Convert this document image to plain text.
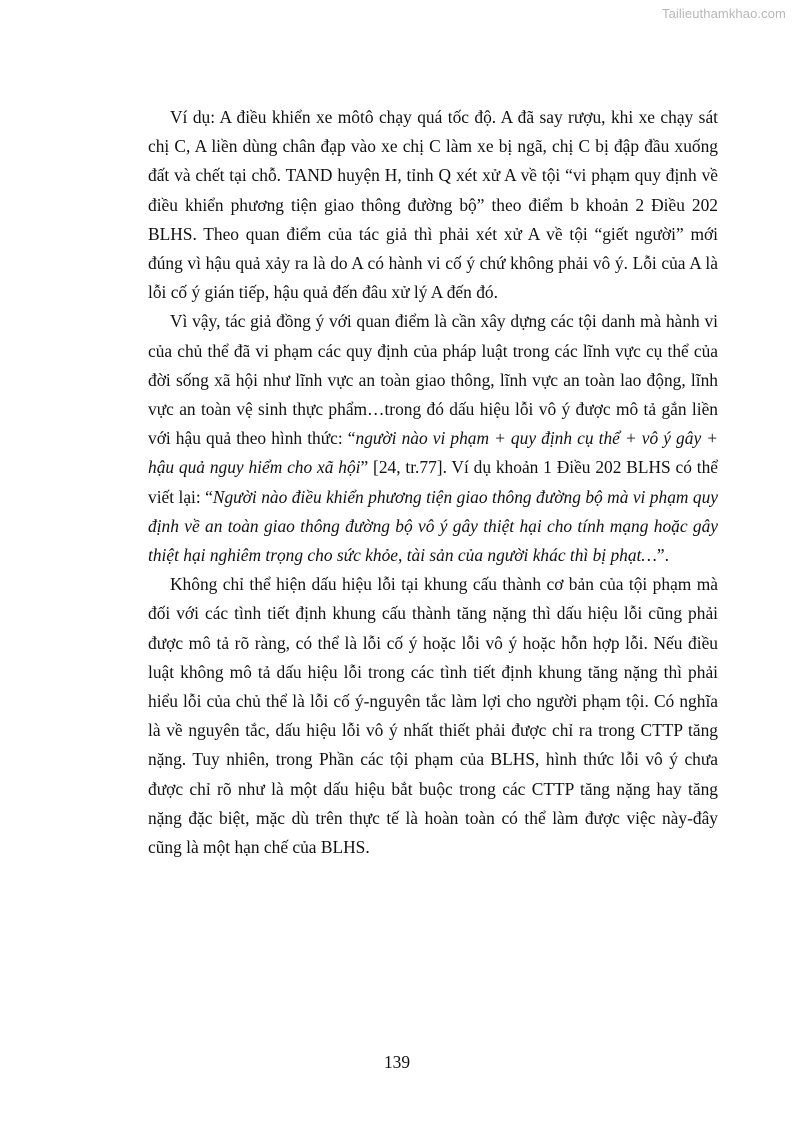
Tailieuthamkhao.com

Ví dụ: A điều khiển xe môtô chạy quá tốc độ. A đã say rượu, khi xe chạy sát chị C, A liền dùng chân đạp vào xe chị C làm xe bị ngã, chị C bị đập đầu xuống đất và chết tại chỗ. TAND huyện H, tỉnh Q xét xử A về tội “vi phạm quy định về điều khiển phương tiện giao thông đường bộ” theo điểm b khoản 2 Điều 202 BLHS. Theo quan điểm của tác giả thì phải xét xử A về tội “giết người” mới đúng vì hậu quả xảy ra là do A có hành vi cố ý chứ không phải vô ý. Lỗi của A là lỗi cố ý gián tiếp, hậu quả đến đâu xử lý A đến đó.

Vì vậy, tác giả đồng ý với quan điểm là cần xây dựng các tội danh mà hành vi của chủ thể đã vi phạm các quy định của pháp luật trong các lĩnh vực cụ thể của đời sống xã hội như lĩnh vực an toàn giao thông, lĩnh vực an toàn lao động, lĩnh vực an toàn vệ sinh thực phẩm…trong đó dấu hiệu lỗi vô ý được mô tả gắn liền với hậu quả theo hình thức: “người nào vi phạm + quy định cụ thể + vô ý gây + hậu quả nguy hiểm cho xã hội” [24, tr.77]. Ví dụ khoản 1 Điều 202 BLHS có thể viết lại: “Người nào điều khiển phương tiện giao thông đường bộ mà vi phạm quy định về an toàn giao thông đường bộ vô ý gây thiệt hại cho tính mạng hoặc gây thiệt hại nghiêm trọng cho sức khỏe, tài sản của người khác thì bị phạt…”.

Không chỉ thể hiện dấu hiệu lỗi tại khung cấu thành cơ bản của tội phạm mà đối với các tình tiết định khung cấu thành tăng nặng thì dấu hiệu lỗi cũng phải được mô tả rõ ràng, có thể là lỗi cố ý hoặc lỗi vô ý hoặc hỗn hợp lỗi. Nếu điều luật không mô tả dấu hiệu lỗi trong các tình tiết định khung tăng nặng thì phải hiểu lỗi của chủ thể là lỗi cố ý-nguyên tắc làm lợi cho người phạm tội. Có nghĩa là về nguyên tắc, dấu hiệu lỗi vô ý nhất thiết phải được chỉ ra trong CTTP tăng nặng. Tuy nhiên, trong Phần các tội phạm của BLHS, hình thức lỗi vô ý chưa được chỉ rõ như là một dấu hiệu bắt buộc trong các CTTP tăng nặng hay tăng nặng đặc biệt, mặc dù trên thực tế là hoàn toàn có thể làm được việc này-đây cũng là một hạn chế của BLHS.

139
